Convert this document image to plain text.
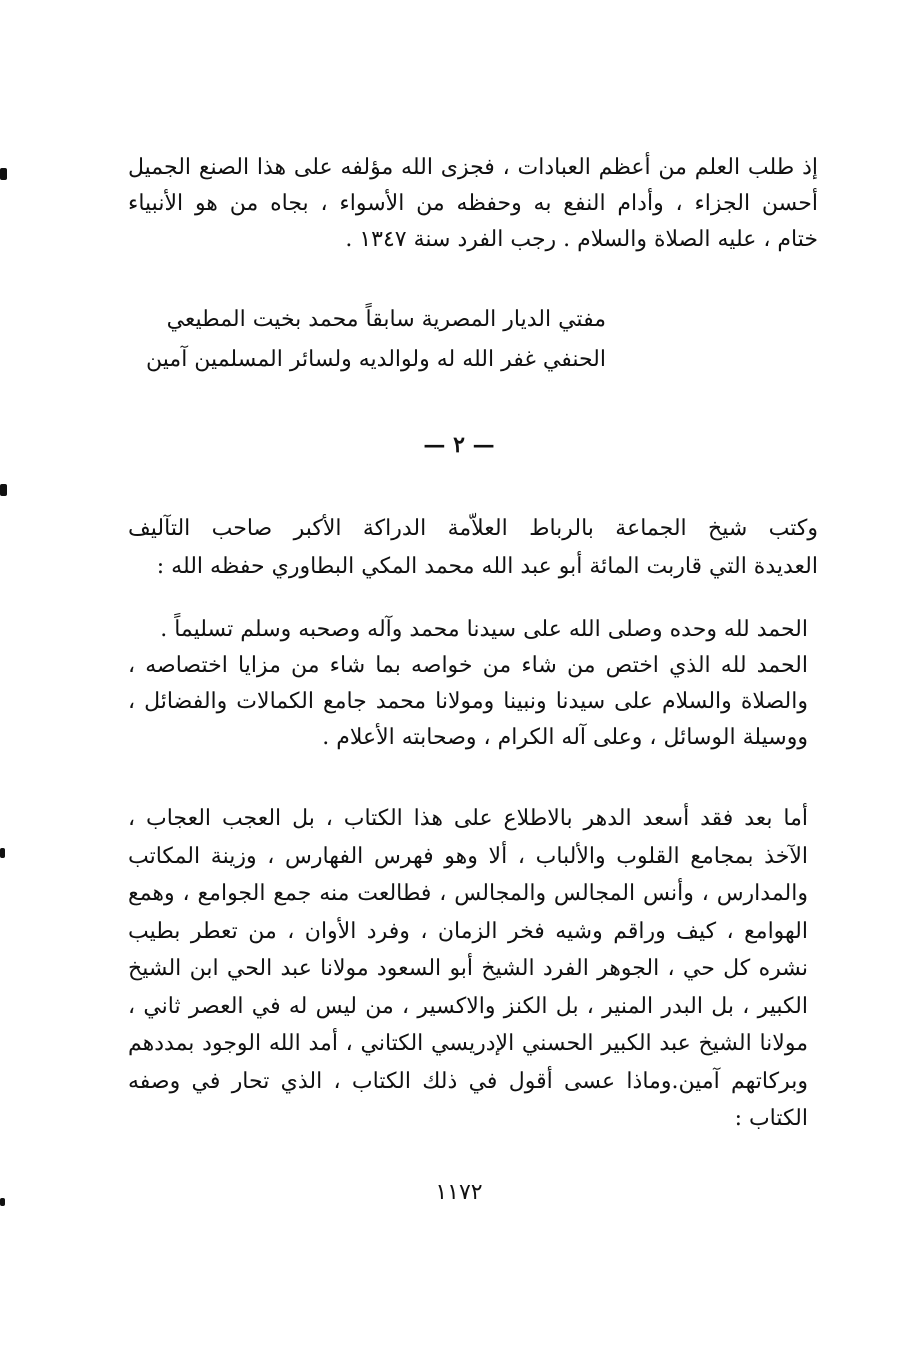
إذ طلب العلم من أعظم العبادات ، فجزى الله مؤلفه على هذا الصنع الجميل
أحسن الجزاء ، وأدام النفع به وحفظه من الأسواء ، بجاه من هو الأنبياء
ختام ، عليه الصلاة والسلام . رجب الفرد سنة ١٣٤٧ .
مفتي الديار المصرية سابقاً محمد بخيت المطيعي
الحنفي غفر الله له ولوالديه ولسائر المسلمين آمين
— ٢ —
وكتب شيخ الجماعة بالرباط العلاّمة الدراكة الأكبر صاحب التآليف
العديدة التي قاربت المائة أبو عبد الله محمد المكي البطاوري حفظه الله :
الحمد لله وحده وصلى الله على سيدنا محمد وآله وصحبه وسلم تسليماً .
الحمد لله الذي اختص من شاء من خواصه بما شاء من مزايا اختصاصه ،
والصلاة والسلام على سيدنا ونبينا ومولانا محمد جامع الكمالات والفضائل ،
ووسيلة الوسائل ، وعلى آله الكرام ، وصحابته الأعلام .
أما بعد فقد أسعد الدهر بالاطلاع على هذا الكتاب ، بل العجب العجاب ،
الآخذ بمجامع القلوب والألباب ، ألا وهو فهرس الفهارس ، وزينة المكاتب
والمدارس ، وأنس المجالس والمجالس ، فطالعت منه جمع الجوامع ، وهمع
الهوامع ، كيف وراقم وشيه فخر الزمان ، وفرد الأوان ، من تعطر بطيب
نشره كل حي ، الجوهر الفرد الشيخ أبو السعود مولانا عبد الحي ابن الشيخ
الكبير ، بل البدر المنير ، بل الكنز والاكسير ، من ليس له في العصر ثاني ،
مولانا الشيخ عبد الكبير الحسني الإدريسي الكتاني ، أمد الله الوجود بمددهم
وبركاتهم آمين.وماذا عسى أقول في ذلك الكتاب ، الذي تحار في وصفه
الكتاب :
١١٧٢
